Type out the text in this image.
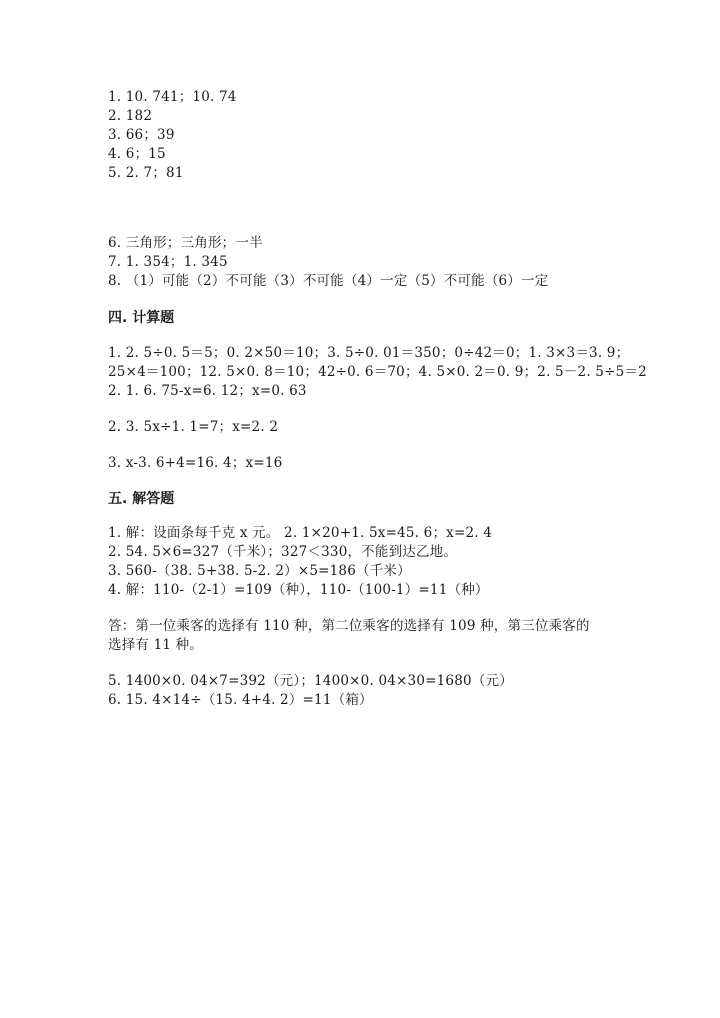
1. 10. 741；10. 74
2. 182
3. 66；39
4. 6；15
5. 2. 7；81
6. 三角形；三角形；一半
7. 1. 354；1. 345
8. （1）可能（2）不可能（3）不可能（4）一定（5）不可能（6）一定
四. 计算题
1. 2. 5÷0. 5＝5；0. 2×50＝10；3. 5÷0. 01＝350；0÷42＝0；1. 3×3＝3. 9；
25×4＝100；12. 5×0. 8＝10；42÷0. 6＝70；4. 5×0. 2＝0. 9；2. 5－2. 5÷5＝2
2. 1. 6. 75-x=6. 12；x=0. 63
2. 3. 5x÷1. 1=7；x=2. 2
3. x-3. 6+4=16. 4；x=16
五. 解答题
1. 解：设面条每千克 x 元。 2. 1×20+1. 5x=45. 6；x=2. 4
2. 54. 5×6=327（千米）；327＜330，不能到达乙地。
3. 560-（38. 5+38. 5-2. 2）×5=186（千米）
4. 解：110-（2-1）=109（种），110-（100-1）=11（种）
答：第一位乘客的选择有 110 种，第二位乘客的选择有 109 种，第三位乘客的
选择有 11 种。
5. 1400×0. 04×7=392（元）；1400×0. 04×30=1680（元）
6. 15. 4×14÷（15. 4+4. 2）=11（箱）
